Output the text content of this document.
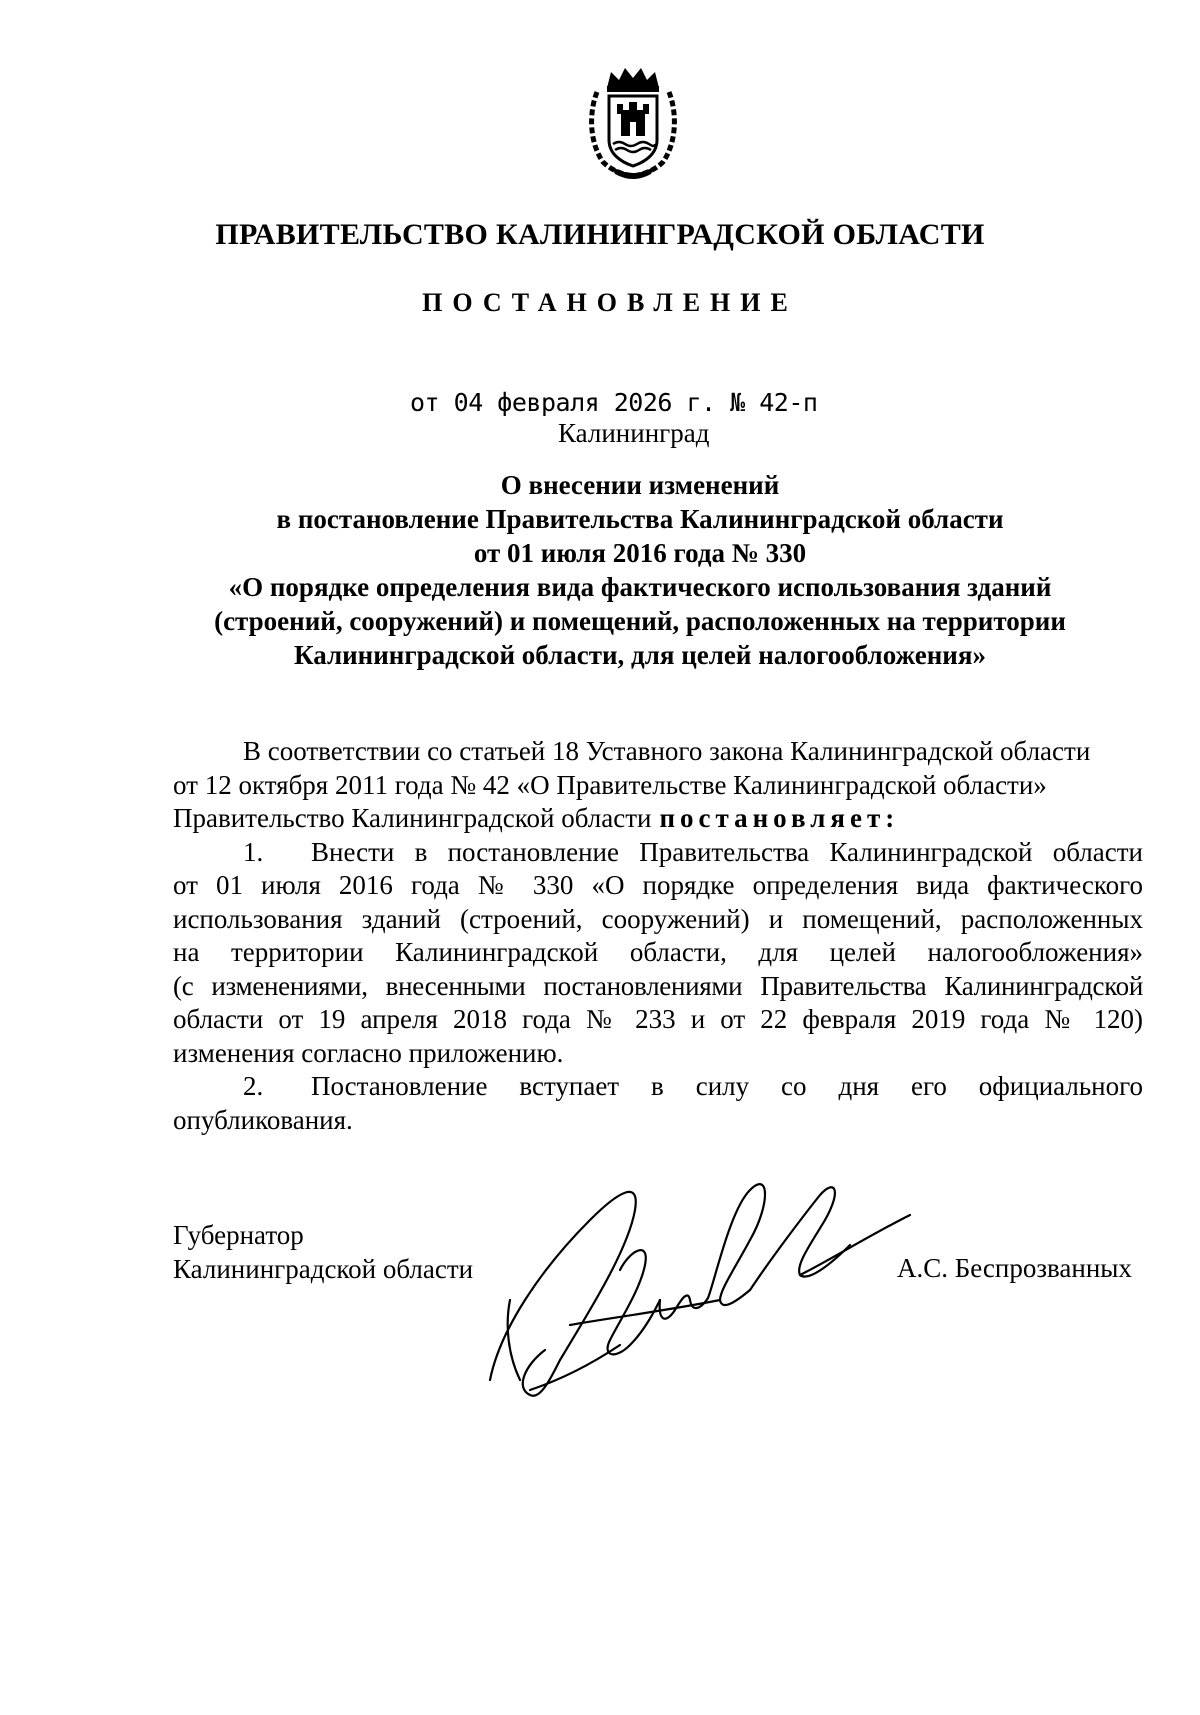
ПРАВИТЕЛЬСТВО КАЛИНИНГРАДСКОЙ ОБЛАСТИ
ПОСТАНОВЛЕНИЕ
от 04 февраля 2026 г. № 42-п
Калининград
О внесении изменений
в постановление Правительства Калининградской области
от 01 июля 2016 года № 330
«О порядке определения вида фактического использования зданий
(строений, сооружений) и помещений, расположенных на территории
Калининградской области, для целей налогообложения»
В соответствии со статьей 18 Уставного закона Калининградской области
от 12 октября 2011 года № 42 «О Правительстве Калининградской области»
Правительство Калининградской области постановляет:
1.	Внести в постановление Правительства Калининградской области
от 01 июля 2016 года № 330 «О порядке определения вида фактического
использования зданий (строений, сооружений) и помещений, расположенных
на территории Калининградской области, для целей налогообложения»
(с изменениями, внесенными постановлениями Правительства Калининградской
области от 19 апреля 2018 года № 233 и от 22 февраля 2019 года № 120)
изменения согласно приложению.
2.	Постановление вступает в силу со дня его официального
опубликования.
Губернатор
Калининградской области	А.С. Беспрозванных
